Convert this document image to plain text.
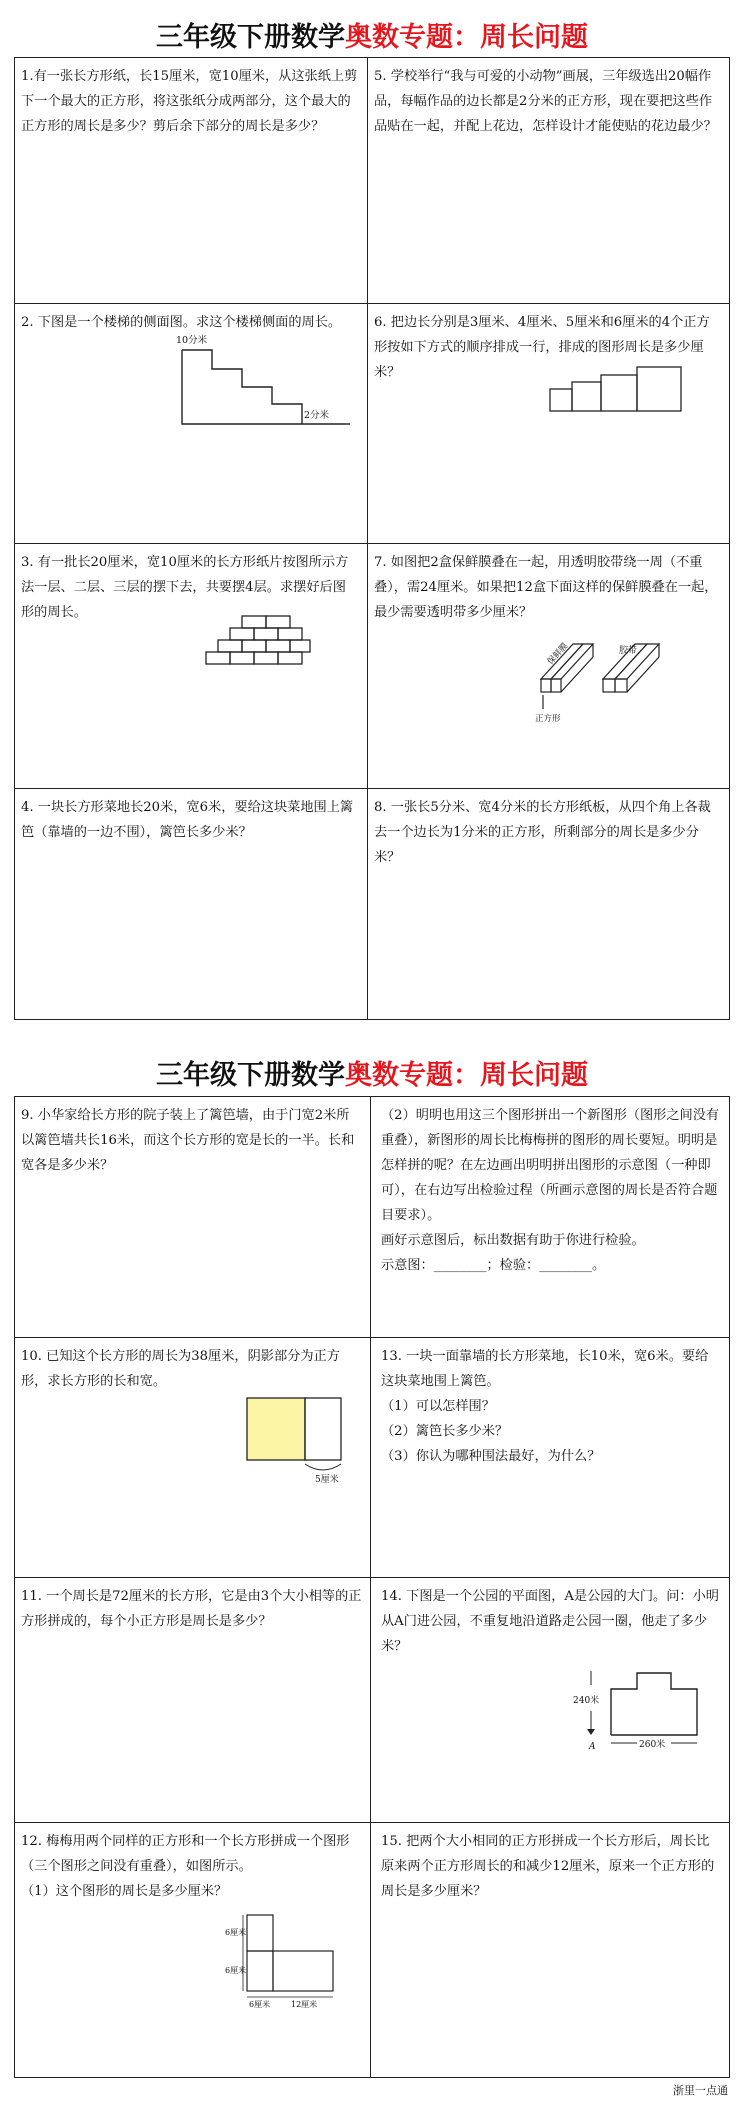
三年级下册数学奥数专题：周长问题

1.有一张长方形纸，长15厘米，宽10厘米，从这张纸上剪下一个最大的正方形，将这张纸分成两部分，这个最大的正方形的周长是多少？剪后余下部分的周长是多少？

5. 学校举行“我与可爱的小动物”画展，三年级选出20幅作品，每幅作品的边长都是2分米的正方形，现在要把这些作品贴在一起，并配上花边，怎样设计才能使贴的花边最少？

2. 下图是一个楼梯的侧面图。求这个楼梯侧面的周长。

10分米
2分米

6. 把边长分别是3厘米、4厘米、5厘米和6厘米的4个正方形按如下方式的顺序排成一行，排成的图形周长是多少厘米？

3. 有一批长20厘米，宽10厘米的长方形纸片按图所示方法一层、二层、三层的摆下去，共要摆4层。求摆好后图形的周长。

7. 如图把2盒保鲜膜叠在一起，用透明胶带绕一周（不重叠），需24厘米。如果把12盒下面这样的保鲜膜叠在一起，最少需要透明带多少厘米？

保鲜膜	胶带
正方形

4. 一块长方形菜地长20米，宽6米，要给这块菜地围上篱笆（靠墙的一边不围），篱笆长多少米？

8. 一张长5分米、宽4分米的长方形纸板，从四个角上各裁去一个边长为1分米的正方形，所剩部分的周长是多少分米？

三年级下册数学奥数专题：周长问题

9. 小华家给长方形的院子装上了篱笆墙，由于门宽2米所以篱笆墙共长16米，而这个长方形的宽是长的一半。长和宽各是多少米？

（2）明明也用这三个图形拼出一个新图形（图形之间没有重叠），新图形的周长比梅梅拼的图形的周长要短。明明是怎样拼的呢？在左边画出明明拼出图形的示意图（一种即可），在右边写出检验过程（所画示意图的周长是否符合题目要求）。

画好示意图后，标出数据有助于你进行检验。

示意图：________；检验：________。

10. 已知这个长方形的周长为38厘米，阴影部分为正方形，求长方形的长和宽。

5厘米

13. 一块一面靠墙的长方形菜地，长10米，宽6米。要给这块菜地围上篱笆。

（1）可以怎样围？

（2）篱笆长多少米？

（3）你认为哪种围法最好，为什么？

11. 一个周长是72厘米的长方形，它是由3个大小相等的正方形拼成的，每个小正方形是周长是多少？

14. 下图是一个公园的平面图，A是公园的大门。问：小明从A门进公园，不重复地沿道路走公园一圈，他走了多少米？

240米
A	260米

12. 梅梅用两个同样的正方形和一个长方形拼成一个图形（三个图形之间没有重叠），如图所示。

（1）这个图形的周长是多少厘米？

6厘米
6厘米
6厘米	12厘米

15. 把两个大小相同的正方形拼成一个长方形后，周长比原来两个正方形周长的和减少12厘米，原来一个正方形的周长是多少厘米？

浙里一点通
